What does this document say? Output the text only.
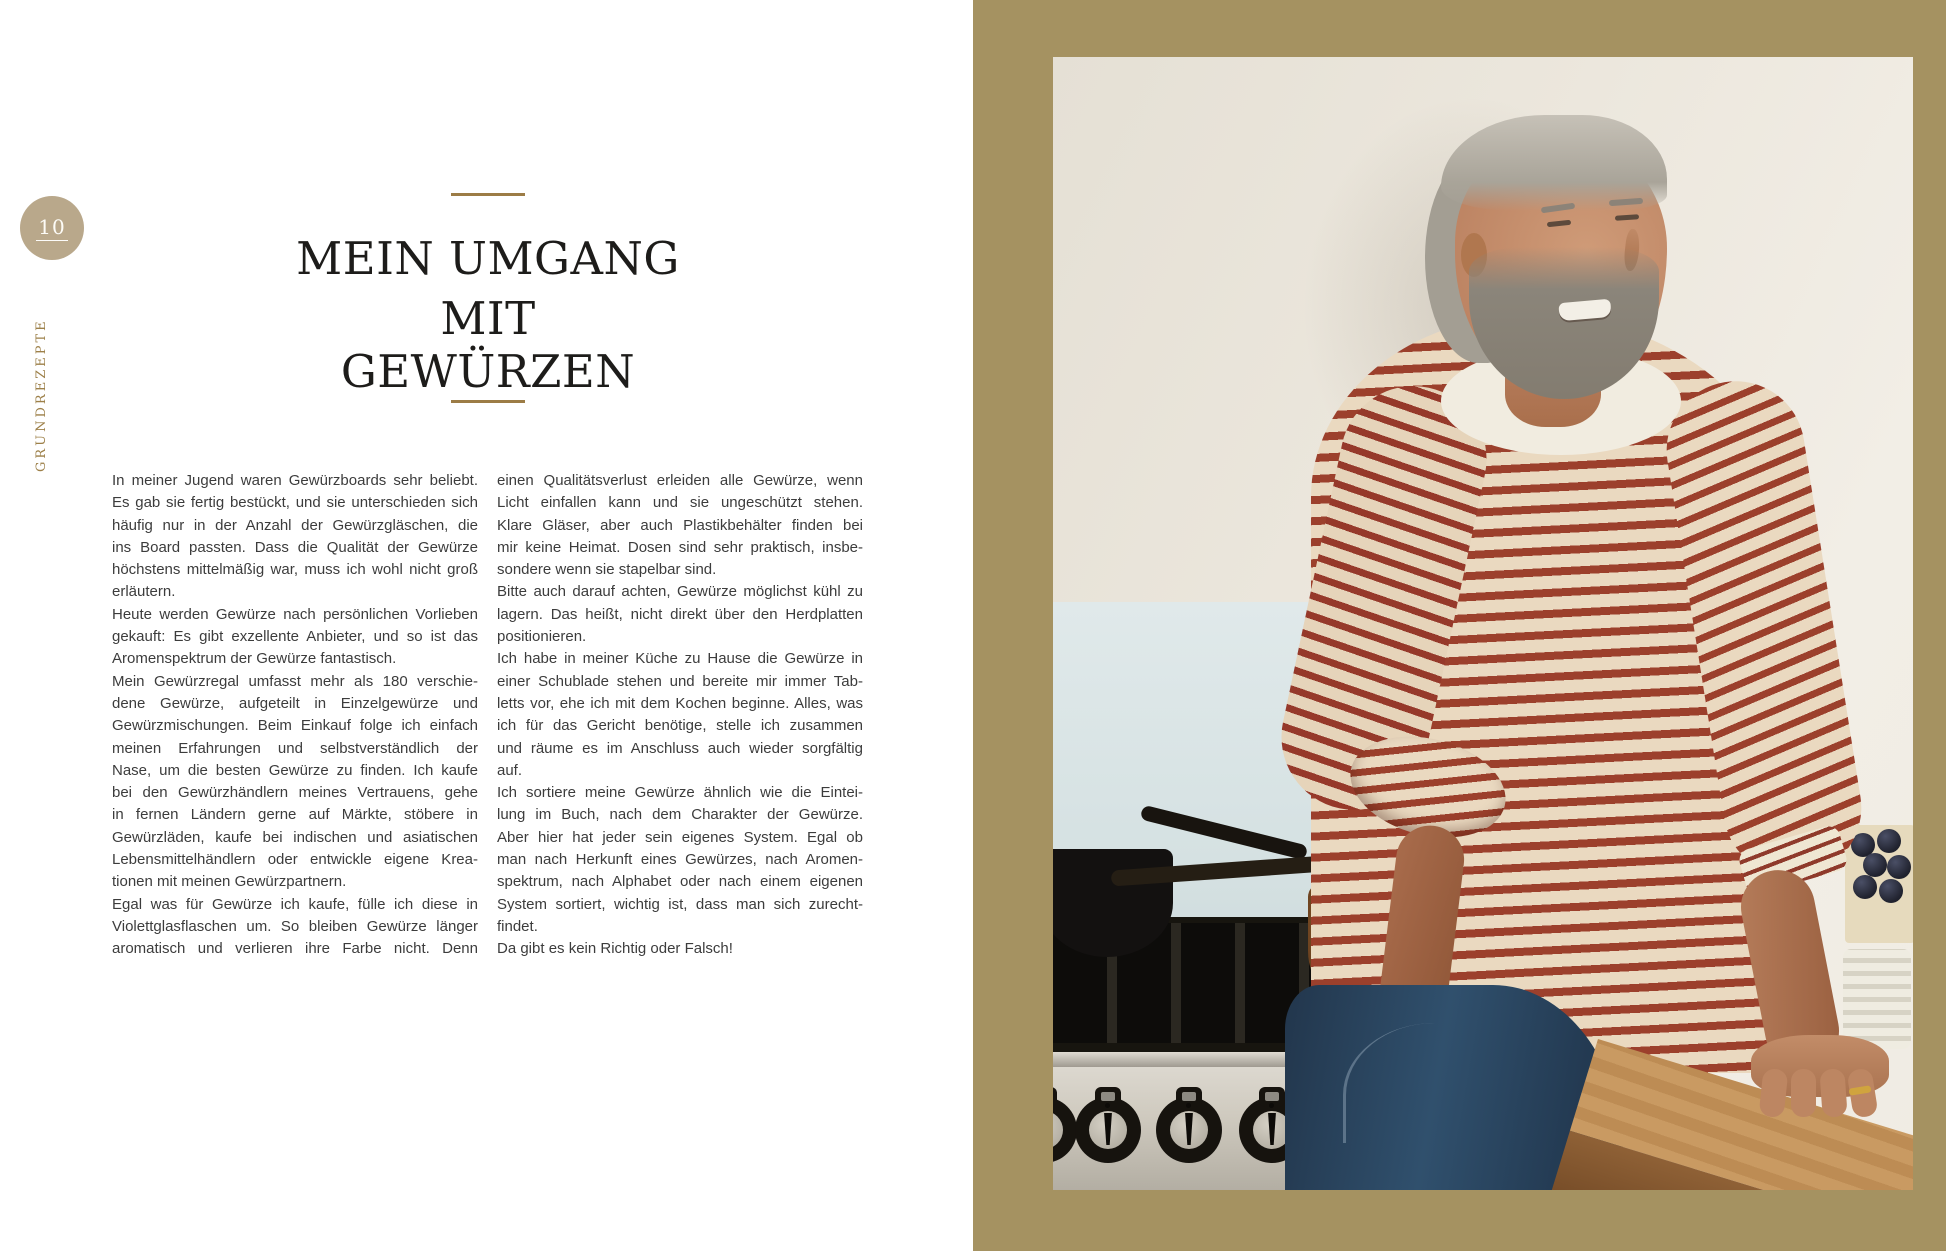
10
GRUNDREZEPTE
MEIN UMGANG
MIT GEWÜRZEN
In meiner Jugend waren Gewürzboards sehr beliebt.
Es gab sie fertig bestückt, und sie unterschieden sich
häufig nur in der Anzahl der Gewürzgläschen, die
ins Board passten. Dass die Qualität der Gewürze
höchstens mittelmäßig war, muss ich wohl nicht groß
erläutern.
Heute werden Gewürze nach persönlichen Vorlieben
gekauft: Es gibt exzellente Anbieter, und so ist das
Aromenspektrum der Gewürze fantastisch.
Mein Gewürzregal umfasst mehr als 180 verschie-
dene Gewürze, aufgeteilt in Einzelgewürze und
Gewürzmischungen. Beim Einkauf folge ich einfach
meinen Erfahrungen und selbstverständlich der
Nase, um die besten Gewürze zu finden. Ich kaufe
bei den Gewürzhändlern meines Vertrauens, gehe
in fernen Ländern gerne auf Märkte, stöbere in
Gewürzläden, kaufe bei indischen und asiatischen
Lebensmittelhändlern oder entwickle eigene Krea-
tionen mit meinen Gewürzpartnern.
Egal was für Gewürze ich kaufe, fülle ich diese in
Violettglasflaschen um. So bleiben Gewürze länger
aromatisch und verlieren ihre Farbe nicht. Denn
einen Qualitätsverlust erleiden alle Gewürze, wenn
Licht einfallen kann und sie ungeschützt stehen.
Klare Gläser, aber auch Plastikbehälter finden bei
mir keine Heimat. Dosen sind sehr praktisch, insbe-
sondere wenn sie stapelbar sind.
Bitte auch darauf achten, Gewürze möglichst kühl zu
lagern. Das heißt, nicht direkt über den Herdplatten
positionieren.
Ich habe in meiner Küche zu Hause die Gewürze in
einer Schublade stehen und bereite mir immer Tab-
letts vor, ehe ich mit dem Kochen beginne. Alles, was
ich für das Gericht benötige, stelle ich zusammen
und räume es im Anschluss auch wieder sorgfältig
auf.
Ich sortiere meine Gewürze ähnlich wie die Eintei-
lung im Buch, nach dem Charakter der Gewürze.
Aber hier hat jeder sein eigenes System. Egal ob
man nach Herkunft eines Gewürzes, nach Aromen-
spektrum, nach Alphabet oder nach einem eigenen
System sortiert, wichtig ist, dass man sich zurecht-
findet.
Da gibt es kein Richtig oder Falsch!
